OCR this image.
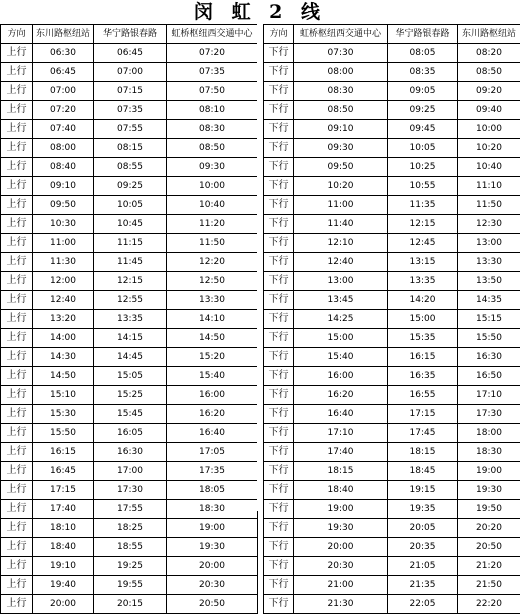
闵 虹 2 线
方向	东川路枢纽站	华宁路银春路	虹桥枢纽西交通中心
上行	06:30	06:45	07:20
上行	06:45	07:00	07:35
上行	07:00	07:15	07:50
上行	07:20	07:35	08:10
上行	07:40	07:55	08:30
上行	08:00	08:15	08:50
上行	08:40	08:55	09:30
上行	09:10	09:25	10:00
上行	09:50	10:05	10:40
上行	10:30	10:45	11:20
上行	11:00	11:15	11:50
上行	11:30	11:45	12:20
上行	12:00	12:15	12:50
上行	12:40	12:55	13:30
上行	13:20	13:35	14:10
上行	14:00	14:15	14:50
上行	14:30	14:45	15:20
上行	14:50	15:05	15:40
上行	15:10	15:25	16:00
上行	15:30	15:45	16:20
上行	15:50	16:05	16:40
上行	16:15	16:30	17:05
上行	16:45	17:00	17:35
上行	17:15	17:30	18:05
上行	17:40	17:55	18:30
上行	18:10	18:25	19:00
上行	18:40	18:55	19:30
上行	19:10	19:25	20:00
上行	19:40	19:55	20:30
上行	20:00	20:15	20:50
方向	虹桥枢纽西交通中心	华宁路银春路	东川路枢纽站
下行	07:30	08:05	08:20
下行	08:00	08:35	08:50
下行	08:30	09:05	09:20
下行	08:50	09:25	09:40
下行	09:10	09:45	10:00
下行	09:30	10:05	10:20
下行	09:50	10:25	10:40
下行	10:20	10:55	11:10
下行	11:00	11:35	11:50
下行	11:40	12:15	12:30
下行	12:10	12:45	13:00
下行	12:40	13:15	13:30
下行	13:00	13:35	13:50
下行	13:45	14:20	14:35
下行	14:25	15:00	15:15
下行	15:00	15:35	15:50
下行	15:40	16:15	16:30
下行	16:00	16:35	16:50
下行	16:20	16:55	17:10
下行	16:40	17:15	17:30
下行	17:10	17:45	18:00
下行	17:40	18:15	18:30
下行	18:15	18:45	19:00
下行	18:40	19:15	19:30
下行	19:00	19:35	19:50
下行	19:30	20:05	20:20
下行	20:00	20:35	20:50
下行	20:30	21:05	21:20
下行	21:00	21:35	21:50
下行	21:30	22:05	22:20
